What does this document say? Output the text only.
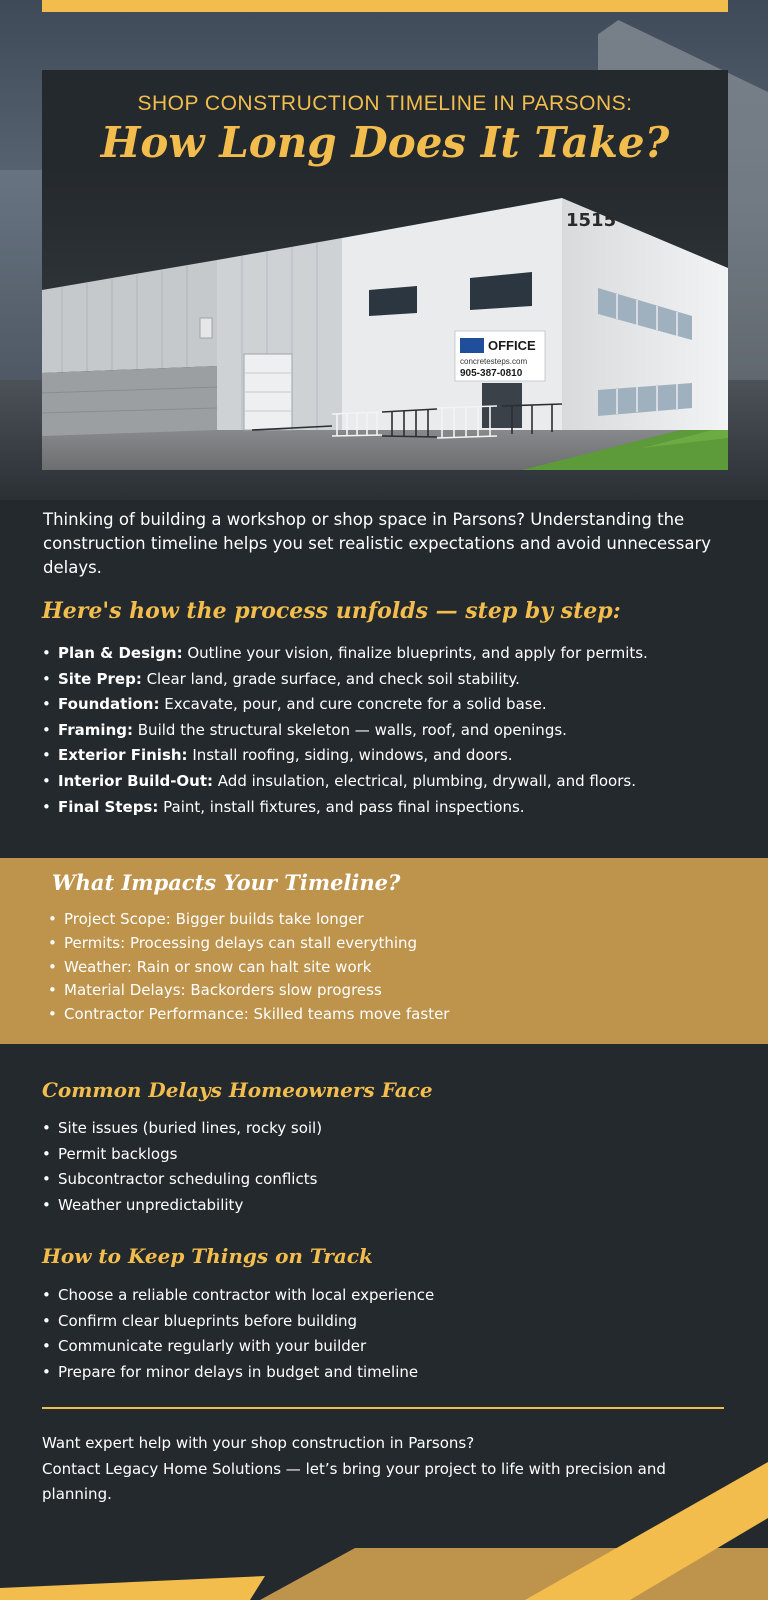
SHOP CONSTRUCTION TIMELINE IN PARSONS:
How Long Does It Take?
OFFICE
concretesteps.com
905-387-0810
1515
Thinking of building a workshop or shop space in Parsons? Understanding the construction timeline helps you set realistic expectations and avoid unnecessary delays.
Here's how the process unfolds — step by step:
• Plan & Design: Outline your vision, finalize blueprints, and apply for permits.
• Site Prep: Clear land, grade surface, and check soil stability.
• Foundation: Excavate, pour, and cure concrete for a solid base.
• Framing: Build the structural skeleton — walls, roof, and openings.
• Exterior Finish: Install roofing, siding, windows, and doors.
• Interior Build-Out: Add insulation, electrical, plumbing, drywall, and floors.
• Final Steps: Paint, install fixtures, and pass final inspections.
What Impacts Your Timeline?
• Project Scope: Bigger builds take longer
• Permits: Processing delays can stall everything
• Weather: Rain or snow can halt site work
• Material Delays: Backorders slow progress
• Contractor Performance: Skilled teams move faster
Common Delays Homeowners Face
• Site issues (buried lines, rocky soil)
• Permit backlogs
• Subcontractor scheduling conflicts
• Weather unpredictability
How to Keep Things on Track
• Choose a reliable contractor with local experience
• Confirm clear blueprints before building
• Communicate regularly with your builder
• Prepare for minor delays in budget and timeline
Want expert help with your shop construction in Parsons?
Contact Legacy Home Solutions — let’s bring your project to life with precision and planning.
